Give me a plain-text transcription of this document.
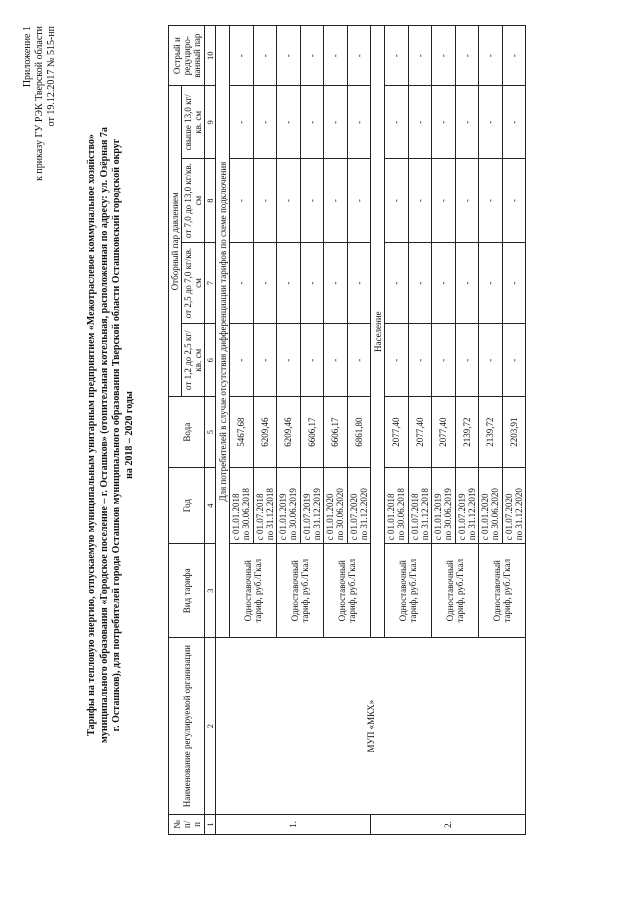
Приложение 1 к приказу ГУ РЭК Тверской области от 19.12.2017 № 515-нп
Тарифы на тепловую энергию, отпускаемую муниципальным унитарным предприятием «Межотраслевое коммунальное хозяйство» муниципального образования «Городское поселение – г. Осташков» (отопительная котельная, расположенная по адресу: ул. Озёрная 7а г. Осташков), для потребителей города Осташков муниципального образования Тверской области Осташковский городской округ на 2018 – 2020 годы
№ п/ п	Наименование регулируемой организации	Вид тарифа	Год	Вода	Отборный пар давлением				Острый и редуциро-ванный пар
					от 1,2 до 2,5 кг/кв. см	от 2,5 до 7,0 кг/кв. см	от 7,0 до 13,0 кг/кв. см	свыше 13,0 кг/кв. см	
1	2	3	4	5	6	7	8	9	10
1.	МУП «МКХ»	Для потребителей в случае отсутствия дифференциации тарифов по схеме подключения							
		Одноставочный тариф, руб./Гкал	с 01.01.2018 по 30.06.2018	5467,68	-	-	-	-	-

			с 01.07.2018 по 31.12.2018	6209,46	-	-	-	-	-
		Одноставочный тариф, руб./Гкал	с 01.01.2019 по 30.06.2019	6209,46	-	-	-	-	-

			с 01.07.2019 по 31.12.2019	6606,17	-	-	-	-	-
		Одноставочный тариф, руб./Гкал	с 01.01.2020 по 30.06.2020	6606,17	-	-	-	-	-

			с 01.07.2020 по 31.12.2020	6861,80	-	-	-	-	-
2.		Население							
		Одноставочный тариф, руб./Гкал	с 01.01.2018 по 30.06.2018	2077,40	-	-	-	-	-

			с 01.07.2018 по 31.12.2018	2077,40	-	-	-	-	-
		Одноставочный тариф, руб./Гкал	с 01.01.2019 по 30.06.2019	2077,40	-	-	-	-	-

			с 01.07.2019 по 31.12.2019	2139,72	-	-	-	-	-
		Одноставочный тариф, руб./Гкал	с 01.01.2020 по 30.06.2020	2139,72	-	-	-	-	-

			с 01.07.2020 по 31.12.2020	2203,91	-	-	-	-	-
